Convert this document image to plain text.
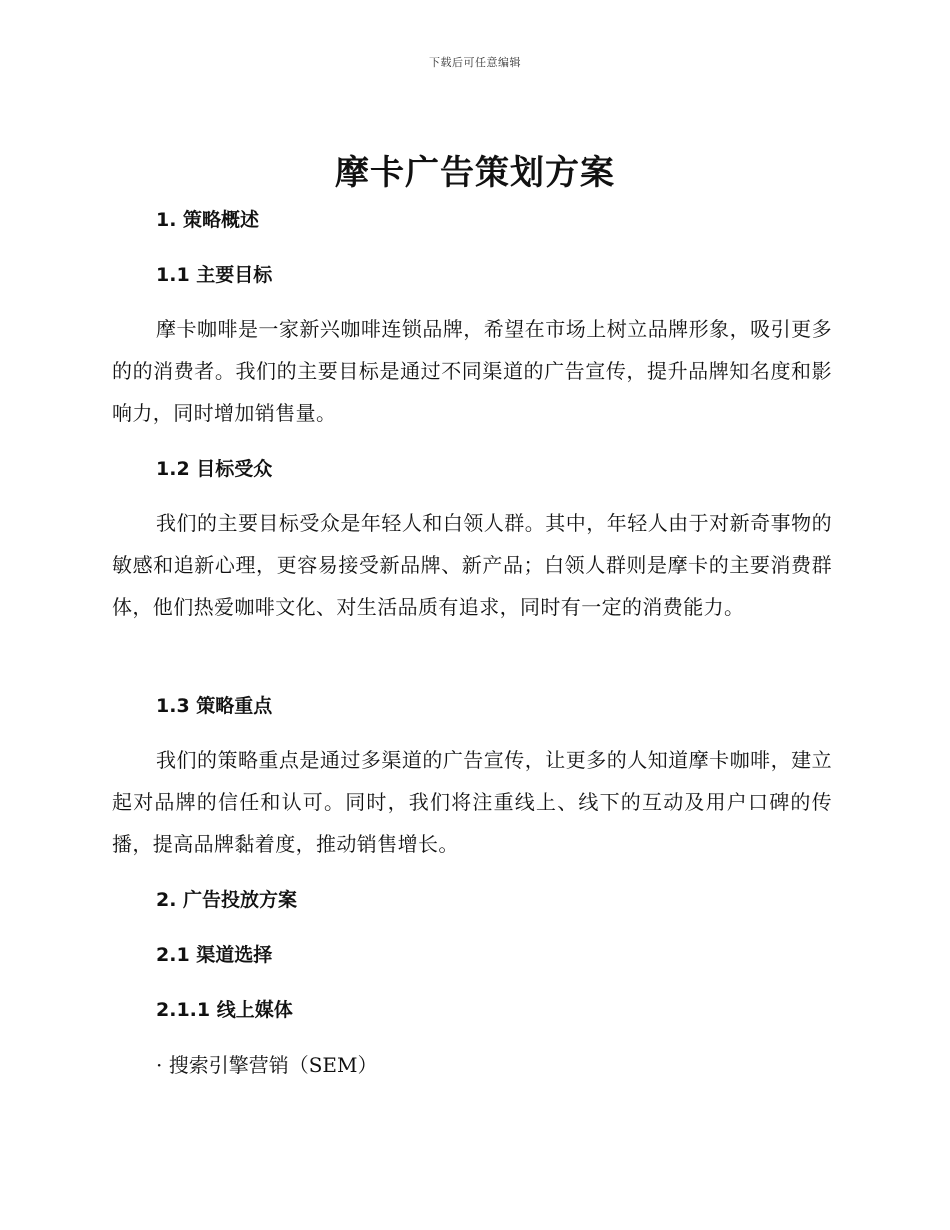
下载后可任意编辑
摩卡广告策划方案
1. 策略概述
1.1 主要目标
摩卡咖啡是一家新兴咖啡连锁品牌，希望在市场上树立品牌形象，吸引更多的的消费者。我们的主要目标是通过不同渠道的广告宣传，提升品牌知名度和影响力，同时增加销售量。
1.2 目标受众
我们的主要目标受众是年轻人和白领人群。其中，年轻人由于对新奇事物的敏感和追新心理，更容易接受新品牌、新产品；白领人群则是摩卡的主要消费群体，他们热爱咖啡文化、对生活品质有追求，同时有一定的消费能力。
1.3 策略重点
我们的策略重点是通过多渠道的广告宣传，让更多的人知道摩卡咖啡，建立起对品牌的信任和认可。同时，我们将注重线上、线下的互动及用户口碑的传播，提高品牌黏着度，推动销售增长。
2. 广告投放方案
2.1 渠道选择
2.1.1 线上媒体
· 搜索引擎营销（SEM）
